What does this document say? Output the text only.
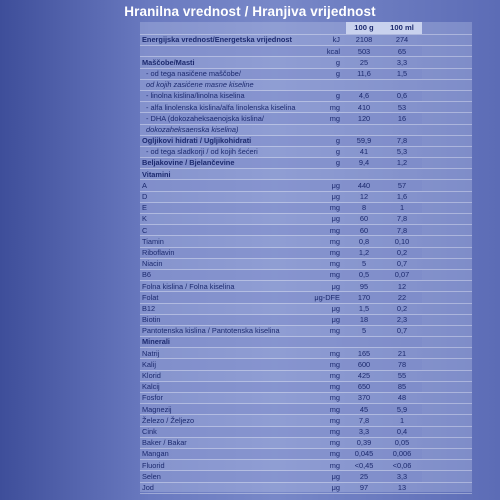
Hranilna vrednost / Hranjiva vrijednost
		100 g	100 ml	
Energijska vrednost/Energetska vrijednost	kJ	2108	274	
	kcal	503	65	
Maščobe/Masti	g	25	3,3	
- od tega nasičene maščobe/	g	11,6	1,5	
od kojih zasićene masne kiseline				
- linolna kislina/linolna kiselina	g	4,6	0,6	
- alfa linolenska kislina/alfa linolenska kiselina	mg	410	53	
- DHA (dokozaheksaenojska kislina/	mg	120	16	
dokozaheksaenska kiselina)				
Ogljikovi hidrati / Ugljikohidrati	g	59,9	7,8	
- od tega sladkorji / od kojih šećeri	g	41	5,3	
Beljakovine / Bjelančevine	g	9,4	1,2	
Vitamini				
A	μg	440	57	
D	μg	12	1,6	
E	mg	8	1	
K	μg	60	7,8	
C	mg	60	7,8	
Tiamin	mg	0,8	0,10	
Riboflavin	mg	1,2	0,2	
Niacin	mg	5	0,7	
B6	mg	0,5	0,07	
Folna kislina / Folna kiselina	μg	95	12	
Folat	μg-DFE	170	22	
B12	μg	1,5	0,2	
Biotin	μg	18	2,3	
Pantotenska kislina / Pantotenska kiselina	mg	5	0,7	
Minerali				
Natrij	mg	165	21	
Kalij	mg	600	78	
Klorid	mg	425	55	
Kalcij	mg	650	85	
Fosfor	mg	370	48	
Magnezij	mg	45	5,9	
Železo / Željezo	mg	7,8	1	
Cink	mg	3,3	0,4	
Baker / Bakar	mg	0,39	0,05	
Mangan	mg	0,045	0,006	
Fluorid	mg	<0,45	<0,06	
Selen	μg	25	3,3	
Jod	μg	97	13	
